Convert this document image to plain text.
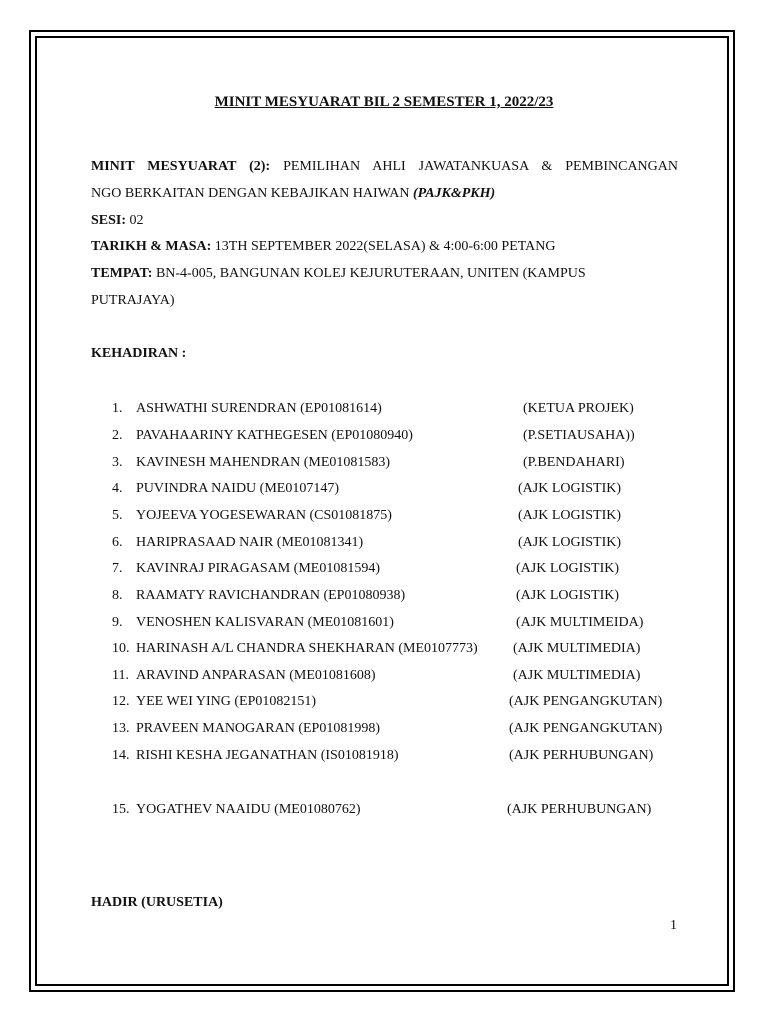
MINIT MESYUARAT BIL 2 SEMESTER 1, 2022/23
MINIT MESYUARAT (2): PEMILIHAN AHLI JAWATANKUASA & PEMBINCANGAN
NGO BERKAITAN DENGAN KEBAJIKAN HAIWAN (PAJK&PKH)
SESI: 02
TARIKH & MASA: 13TH SEPTEMBER 2022(SELASA) & 4:00-6:00 PETANG
TEMPAT: BN-4-005, BANGUNAN KOLEJ KEJURUTERAAN, UNITEN (KAMPUS
PUTRAJAYA)
KEHADIRAN :
1. ASHWATHI SURENDRAN (EP01081614)	(KETUA PROJEK)
2. PAVAHAARINY KATHEGESEN (EP01080940)	(P.SETIAUSAHA))
3. KAVINESH MAHENDRAN (ME01081583)	(P.BENDAHARI)
4. PUVINDRA NAIDU (ME0107147)	(AJK LOGISTIK)
5. YOJEEVA YOGESEWARAN (CS01081875)	(AJK LOGISTIK)
6. HARIPRASAAD NAIR (ME01081341)	(AJK LOGISTIK)
7. KAVINRAJ PIRAGASAM (ME01081594)	(AJK LOGISTIK)
8. RAAMATY RAVICHANDRAN (EP01080938)	(AJK LOGISTIK)
9. VENOSHEN KALISVARAN (ME01081601)	(AJK MULTIMEIDA)
10. HARINASH A/L CHANDRA SHEKHARAN (ME0107773)	(AJK MULTIMEDIA)
11. ARAVIND ANPARASAN (ME01081608)	(AJK MULTIMEDIA)
12. YEE WEI YING (EP01082151)	(AJK PENGANGKUTAN)
13. PRAVEEN MANOGARAN (EP01081998)	(AJK PENGANGKUTAN)
14. RISHI KESHA JEGANATHAN (IS01081918)	(AJK PERHUBUNGAN)
15. YOGATHEV NAAIDU (ME01080762)	(AJK PERHUBUNGAN)
HADIR (URUSETIA)
1
